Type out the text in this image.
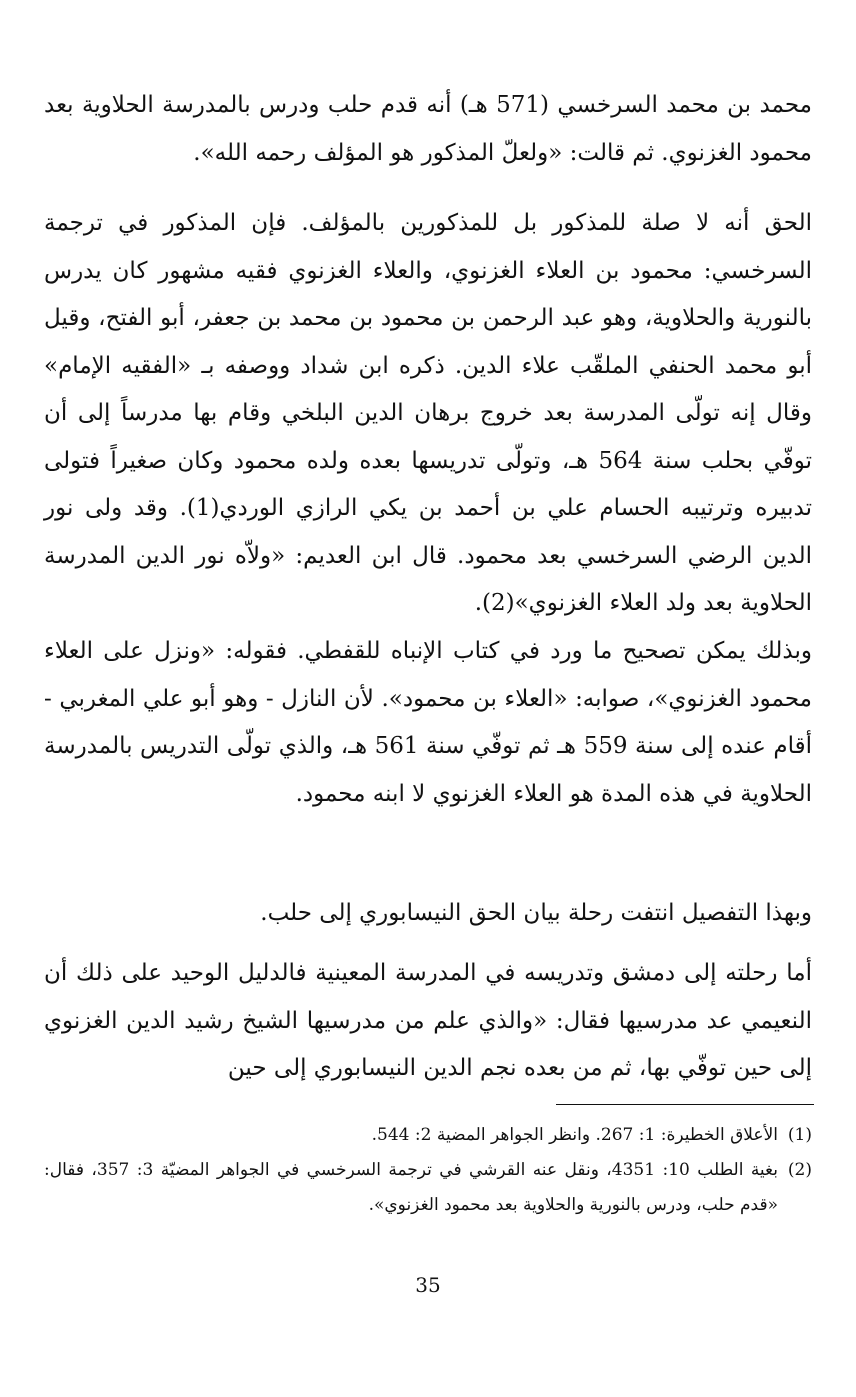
محمد بن محمد السرخسي (571 هـ) أنه قدم حلب ودرس بالمدرسة الحلاوية بعد محمود الغزنوي. ثم قالت: «ولعلّ المذكور هو المؤلف رحمه الله».

الحق أنه لا صلة للمذكور بل للمذكورين بالمؤلف. فإن المذكور في ترجمة السرخسي: محمود بن العلاء الغزنوي، والعلاء الغزنوي فقيه مشهور كان يدرس بالنورية والحلاوية، وهو عبد الرحمن بن محمود بن محمد بن جعفر، أبو الفتح، وقيل أبو محمد الحنفي الملقّب علاء الدين. ذكره ابن شداد ووصفه بـ «الفقيه الإمام» وقال إنه تولّى المدرسة بعد خروج برهان الدين البلخي وقام بها مدرساً إلى أن توفّي بحلب سنة 564 هـ، وتولّى تدريسها بعده ولده محمود وكان صغيراً فتولى تدبيره وترتيبه الحسام علي بن أحمد بن يكي الرازي الوردي(1). وقد ولى نور الدين الرضي السرخسي بعد محمود. قال ابن العديم: «ولاّه نور الدين المدرسة الحلاوية بعد ولد العلاء الغزنوي»(2).

وبذلك يمكن تصحيح ما ورد في كتاب الإنباه للقفطي. فقوله: «ونزل على العلاء محمود الغزنوي»، صوابه: «العلاء بن محمود». لأن النازل - وهو أبو علي المغربي - أقام عنده إلى سنة 559 هـ ثم توفّي سنة 561 هـ، والذي تولّى التدريس بالمدرسة الحلاوية في هذه المدة هو العلاء الغزنوي لا ابنه محمود.

وبهذا التفصيل انتفت رحلة بيان الحق النيسابوري إلى حلب.

أما رحلته إلى دمشق وتدريسه في المدرسة المعينية فالدليل الوحيد على ذلك أن النعيمي عد مدرسيها فقال: «والذي علم من مدرسيها الشيخ رشيد الدين الغزنوي إلى حين توفّي بها، ثم من بعده نجم الدين النيسابوري إلى حين

(1)
الأعلاق الخطيرة: 1: 267. وانظر الجواهر المضية 2: 544.
(2)
بغية الطلب 10: 4351، ونقل عنه القرشي في ترجمة السرخسي في الجواهر المضيّة 3: 357، فقال: «قدم حلب، ودرس بالنورية والحلاوية بعد محمود الغزنوي».
35
